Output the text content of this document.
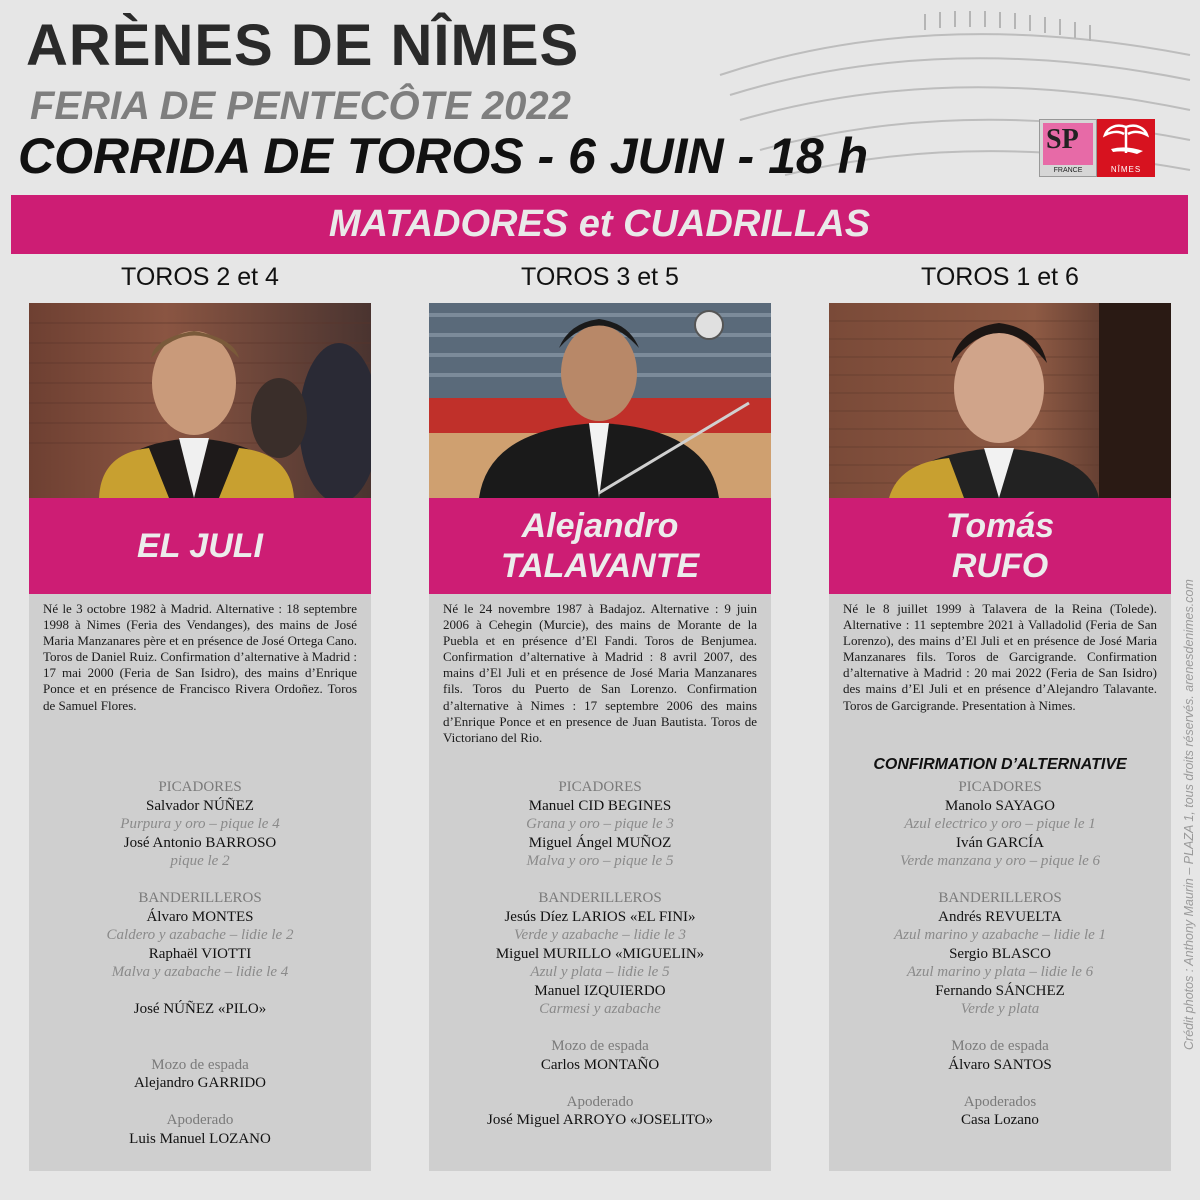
ARÈNES DE NÎMES
FERIA DE PENTECÔTE 2022
CORRIDA DE TOROS - 6 JUIN - 18 h	SP
FRANCE	NÎMES
MATADORES et CUADRILLAS
TOROS 2 et 4	TOROS 3 et 5	TOROS 1 et 6
EL JULI
Né le 3 octobre 1982 à Madrid. Alternative : 18 septembre 1998 à Nimes (Feria des Vendanges), des mains de José Maria Manzanares père et en présence de José Ortega Cano. Toros de Daniel Ruiz. Confirmation d’alternative à Madrid : 17 mai 2000 (Feria de San Isidro), des mains d’Enrique Ponce et en présence de Francisco Rivera Ordoñez. Toros de Samuel Flores.
PICADORES
Salvador NÚÑEZ
Purpura y oro – pique le 4
José Antonio BARROSO
pique le 2
BANDERILLEROS
Álvaro MONTES
Caldero y azabache – lidie le 2
Raphaël VIOTTI
Malva y azabache – lidie le 4
José NÚÑEZ «PILO»
Mozo de espada
Alejandro GARRIDO
Apoderado
Luis Manuel LOZANO
Alejandro
TALAVANTE
Né le 24 novembre 1987 à Badajoz. Alternative : 9 juin 2006 à Cehegin (Murcie), des mains de Morante de la Puebla et en présence d’El Fandi. Toros de Benjumea. Confirmation d’alternative à Madrid : 8 avril 2007, des mains d’El Juli et en présence de José Maria Manzanares fils. Toros du Puerto de San Lorenzo. Confirmation d’alternative à Nimes : 17 septembre 2006 des mains d’Enrique Ponce et en presence de Juan Bautista. Toros de Victoriano del Rio.
PICADORES
Manuel CID BEGINES
Grana y oro – pique le 3
Miguel Ángel MUÑOZ
Malva y oro – pique le 5
BANDERILLEROS
Jesús Díez LARIOS «EL FINI»
Verde y azabache – lidie le 3
Miguel MURILLO «MIGUELIN»
Azul y plata – lidie le 5
Manuel IZQUIERDO
Carmesi y azabache
Mozo de espada
Carlos MONTAÑO
Apoderado
José Miguel ARROYO «JOSELITO»
Tomás
RUFO
Né le 8 juillet 1999 à Talavera de la Reina (Tolede). Alternative : 11 septembre 2021 à Valladolid (Feria de San Lorenzo), des mains d’El Juli et en présence de José Maria Manzanares fils. Toros de Garcigrande. Confirmation d’alternative à Madrid : 20 mai 2022 (Feria de San Isidro) des mains d’El Juli et en présence d’Alejandro Talavante. Toros de Garcigrande. Presentation à Nimes.
CONFIRMATION D’ALTERNATIVE
PICADORES
Manolo SAYAGO
Azul electrico y oro – pique le 1
Iván GARCÍA
Verde manzana y oro – pique le 6
BANDERILLEROS
Andrés REVUELTA
Azul marino y azabache – lidie le 1
Sergio BLASCO
Azul marino y plata – lidie le 6
Fernando SÁNCHEZ
Verde y plata
Mozo de espada
Álvaro SANTOS
Apoderados
Casa Lozano
Crédit photos : Anthony Maurin – PLAZA 1, tous droits réservés. arenesdenimes.com
